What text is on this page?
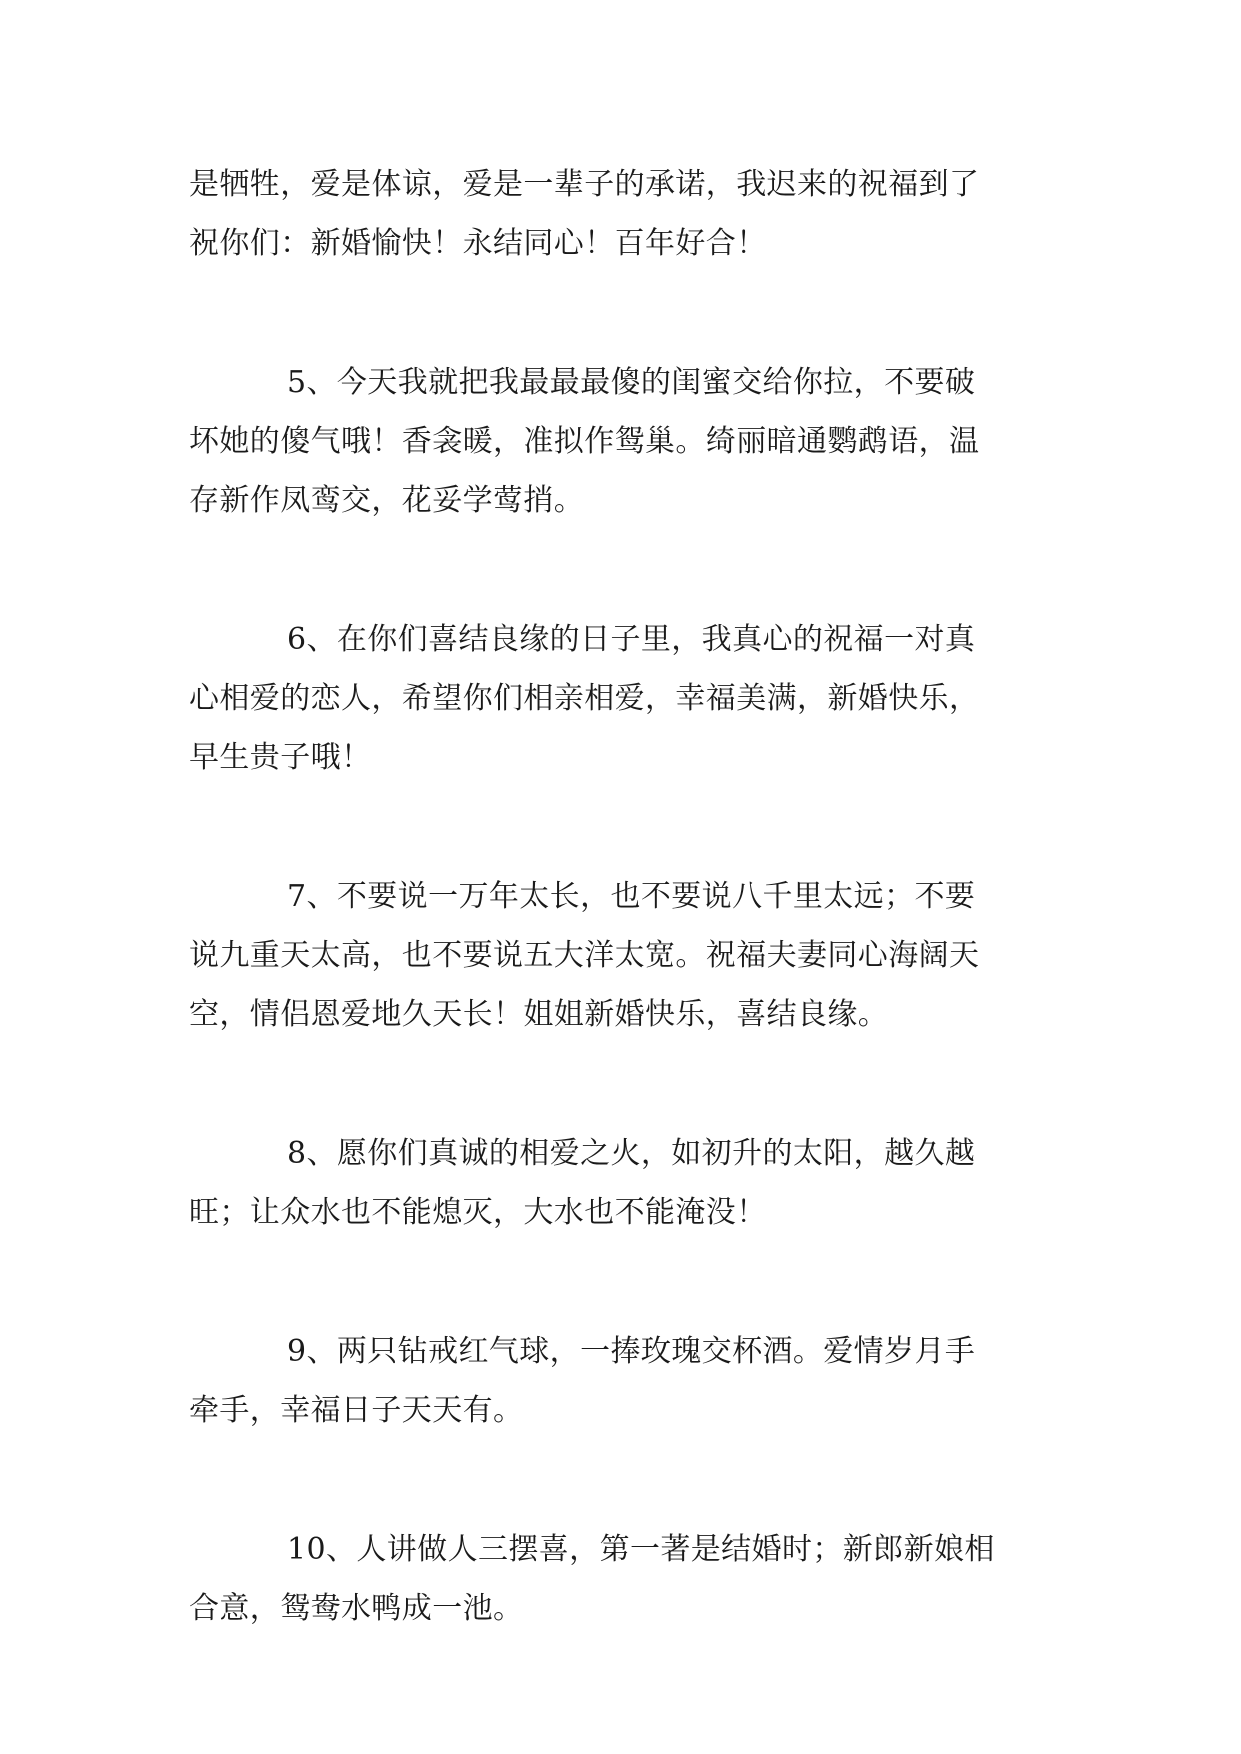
是牺牲，爱是体谅，爱是一辈子的承诺，我迟来的祝福到了
祝你们：新婚愉快！永结同心！百年好合！

5、今天我就把我最最最傻的闺蜜交给你拉，不要破
坏她的傻气哦！香衾暖，准拟作鸳巢。绮丽暗通鹦鹉语，温
存新作凤鸾交，花妥学莺捎。

6、在你们喜结良缘的日子里，我真心的祝福一对真
心相爱的恋人，希望你们相亲相爱，幸福美满，新婚快乐，
早生贵子哦！

7、不要说一万年太长，也不要说八千里太远；不要
说九重天太高，也不要说五大洋太宽。祝福夫妻同心海阔天
空，情侣恩爱地久天长！姐姐新婚快乐，喜结良缘。

8、愿你们真诚的相爱之火，如初升的太阳，越久越
旺；让众水也不能熄灭，大水也不能淹没！

9、两只钻戒红气球，一捧玫瑰交杯酒。爱情岁月手
牵手，幸福日子天天有。

10、人讲做人三摆喜，第一著是结婚时；新郎新娘相
合意，鸳鸯水鸭成一池。
